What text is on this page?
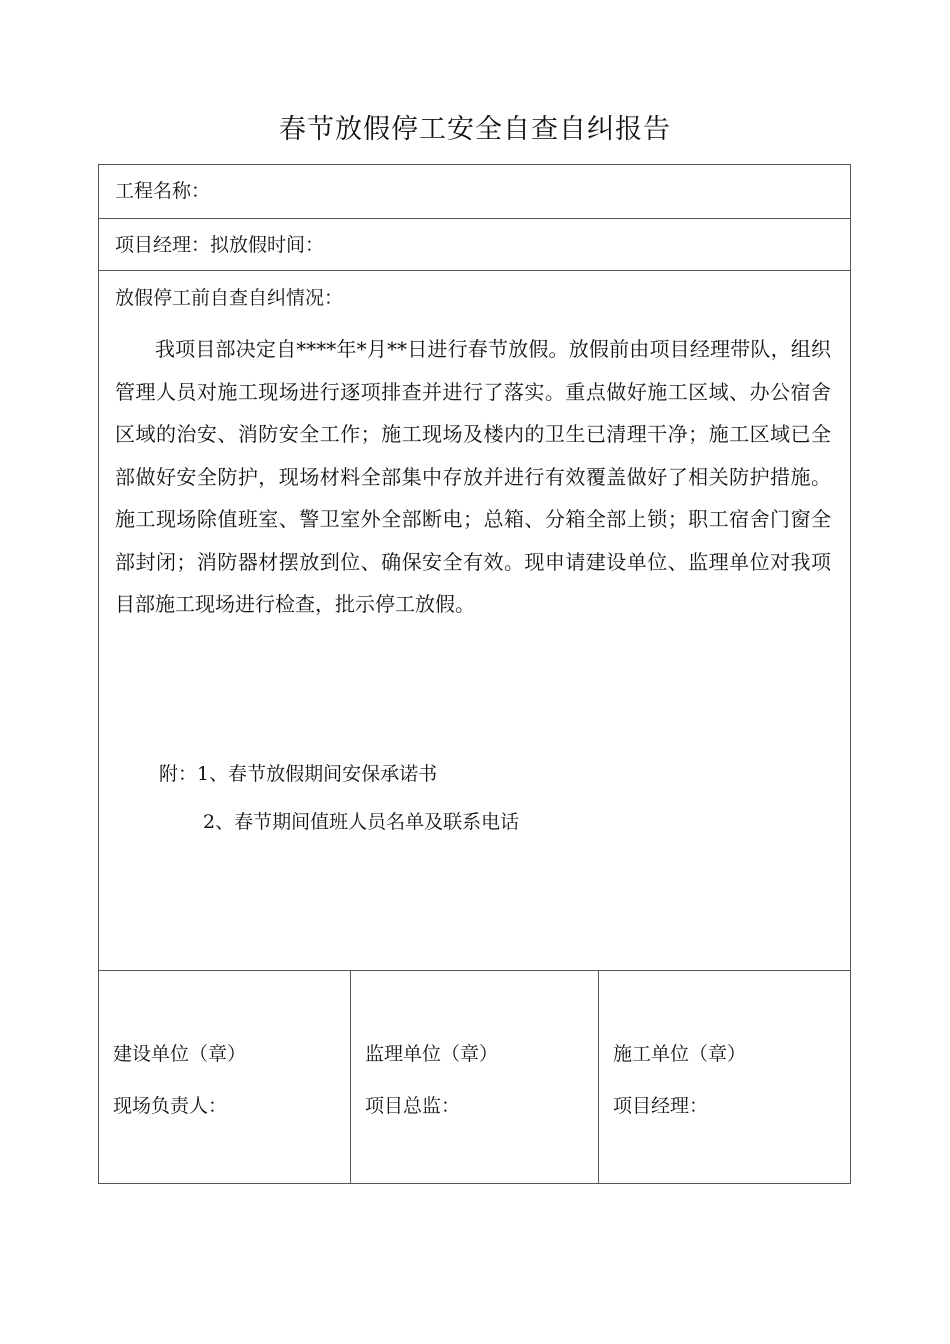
春节放假停工安全自查自纠报告
工程名称：
项目经理：拟放假时间：
放假停工前自查自纠情况：

我项目部决定自****年*月**日进行春节放假。放假前由项目经理带队，组织管理人员对施工现场进行逐项排查并进行了落实。重点做好施工区域、办公宿舍区域的治安、消防安全工作；施工现场及楼内的卫生已清理干净；施工区域已全部做好安全防护，现场材料全部集中存放并进行有效覆盖做好了相关防护措施。施工现场除值班室、警卫室外全部断电；总箱、分箱全部上锁；职工宿舍门窗全部封闭；消防器材摆放到位、确保安全有效。现申请建设单位、监理单位对我项目部施工现场进行检查，批示停工放假。

附：1、春节放假期间安保承诺书
2、春节期间值班人员名单及联系电话
建设单位（章）
现场负责人：
监理单位（章）
项目总监：
施工单位（章）
项目经理：
